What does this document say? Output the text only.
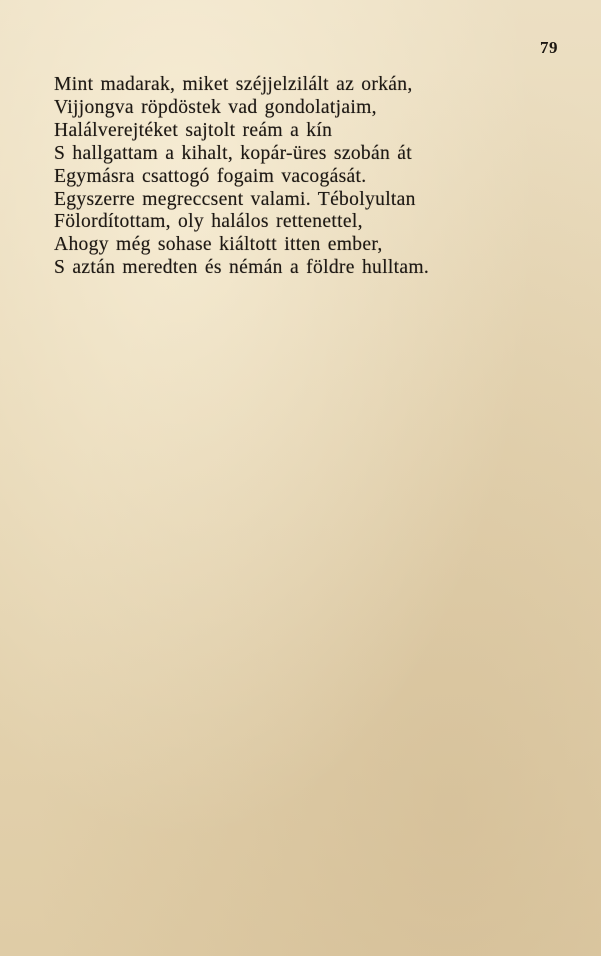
79
Mint madarak, miket széjjelzilált az orkán,
Vijjongva röpdöstek vad gondolatjaim,
Halálverejtéket sajtolt reám a kín
S hallgattam a kihalt, kopár-üres szobán át
Egymásra csattogó fogaim vacogását.
Egyszerre megreccsent valami. Tébolyultan
Fölordítottam, oly halálos rettenettel,
Ahogy még sohase kiáltott itten ember,
S aztán meredten és némán a földre hulltam.
